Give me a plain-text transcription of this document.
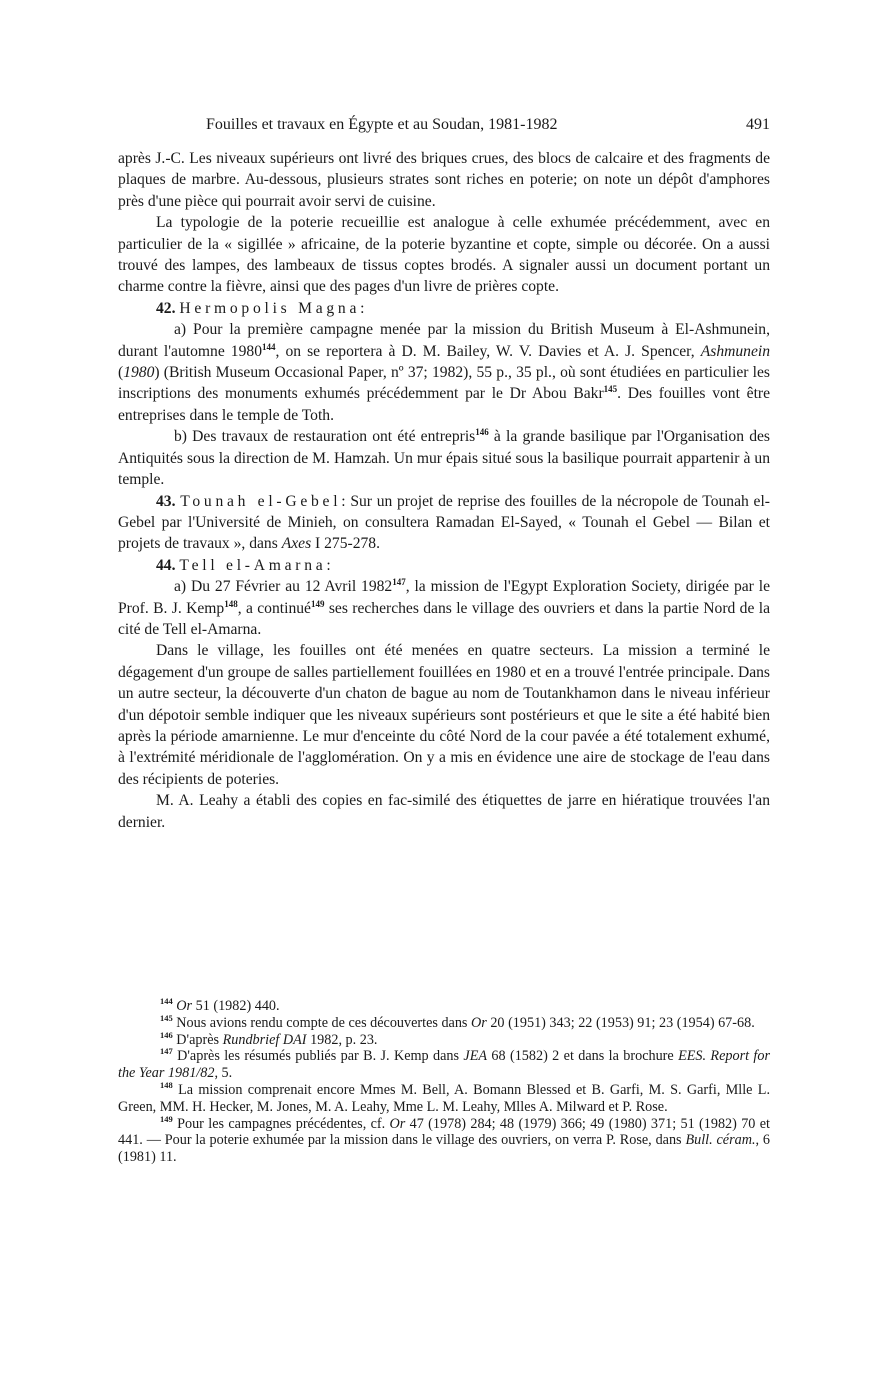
Fouilles et travaux en Égypte et au Soudan, 1981-1982	491

après J.-C. Les niveaux supérieurs ont livré des briques crues, des blocs de calcaire et des fragments de plaques de marbre. Au-dessous, plusieurs strates sont riches en poterie; on note un dépôt d'amphores près d'une pièce qui pourrait avoir servi de cuisine.

La typologie de la poterie recueillie est analogue à celle exhumée précédemment, avec en particulier de la « sigillée » africaine, de la poterie byzantine et copte, simple ou décorée. On a aussi trouvé des lampes, des lambeaux de tissus coptes brodés. A signaler aussi un document portant un charme contre la fièvre, ainsi que des pages d'un livre de prières copte.

42. Hermopolis Magna:

a) Pour la première campagne menée par la mission du British Museum à El-Ashmunein, durant l'automne 1980$^{144}$, on se reportera à D. M. Bailey, W. V. Davies et A. J. Spencer, Ashmunein (1980) (British Museum Occasional Paper, nº 37; 1982), 55 p., 35 pl., où sont étudiées en particulier les inscriptions des monuments exhumés précédemment par le Dr Abou Bakr$^{145}$. Des fouilles vont être entreprises dans le temple de Toth.

b) Des travaux de restauration ont été entrepris$^{146}$ à la grande basilique par l'Organisation des Antiquités sous la direction de M. Hamzah. Un mur épais situé sous la basilique pourrait appartenir à un temple.

43. Tounah el-Gebel: Sur un projet de reprise des fouilles de la nécropole de Tounah el-Gebel par l'Université de Minieh, on consultera Ramadan El-Sayed, « Tounah el Gebel — Bilan et projets de travaux », dans Axes I 275-278.

44. Tell el-Amarna:

a) Du 27 Février au 12 Avril 1982$^{147}$, la mission de l'Egypt Exploration Society, dirigée par le Prof. B. J. Kemp$^{148}$, a continué$^{149}$ ses recherches dans le village des ouvriers et dans la partie Nord de la cité de Tell el-Amarna.

Dans le village, les fouilles ont été menées en quatre secteurs. La mission a terminé le dégagement d'un groupe de salles partiellement fouillées en 1980 et en a trouvé l'entrée principale. Dans un autre secteur, la découverte d'un chaton de bague au nom de Toutankhamon dans le niveau inférieur d'un dépotoir semble indiquer que les niveaux supérieurs sont postérieurs et que le site a été habité bien après la période amarnienne. Le mur d'enceinte du côté Nord de la cour pavée a été totalement exhumé, à l'extrémité méridionale de l'agglomération. On y a mis en évidence une aire de stockage de l'eau dans des récipients de poteries.

M. A. Leahy a établi des copies en fac-similé des étiquettes de jarre en hiératique trouvées l'an dernier.

$^{144}$ Or 51 (1982) 440.

$^{145}$ Nous avions rendu compte de ces découvertes dans Or 20 (1951) 343; 22 (1953) 91; 23 (1954) 67-68.

$^{146}$ D'après Rundbrief DAI 1982, p. 23.

$^{147}$ D'après les résumés publiés par B. J. Kemp dans JEA 68 (1582) 2 et dans la brochure EES. Report for the Year 1981/82, 5.

$^{148}$ La mission comprenait encore Mmes M. Bell, A. Bomann Blessed et B. Garfi, M. S. Garfi, Mlle L. Green, MM. H. Hecker, M. Jones, M. A. Leahy, Mme L. M. Leahy, Mlles A. Milward et P. Rose.

$^{149}$ Pour les campagnes précédentes, cf. Or 47 (1978) 284; 48 (1979) 366; 49 (1980) 371; 51 (1982) 70 et 441. — Pour la poterie exhumée par la mission dans le village des ouvriers, on verra P. Rose, dans Bull. céram., 6 (1981) 11.
